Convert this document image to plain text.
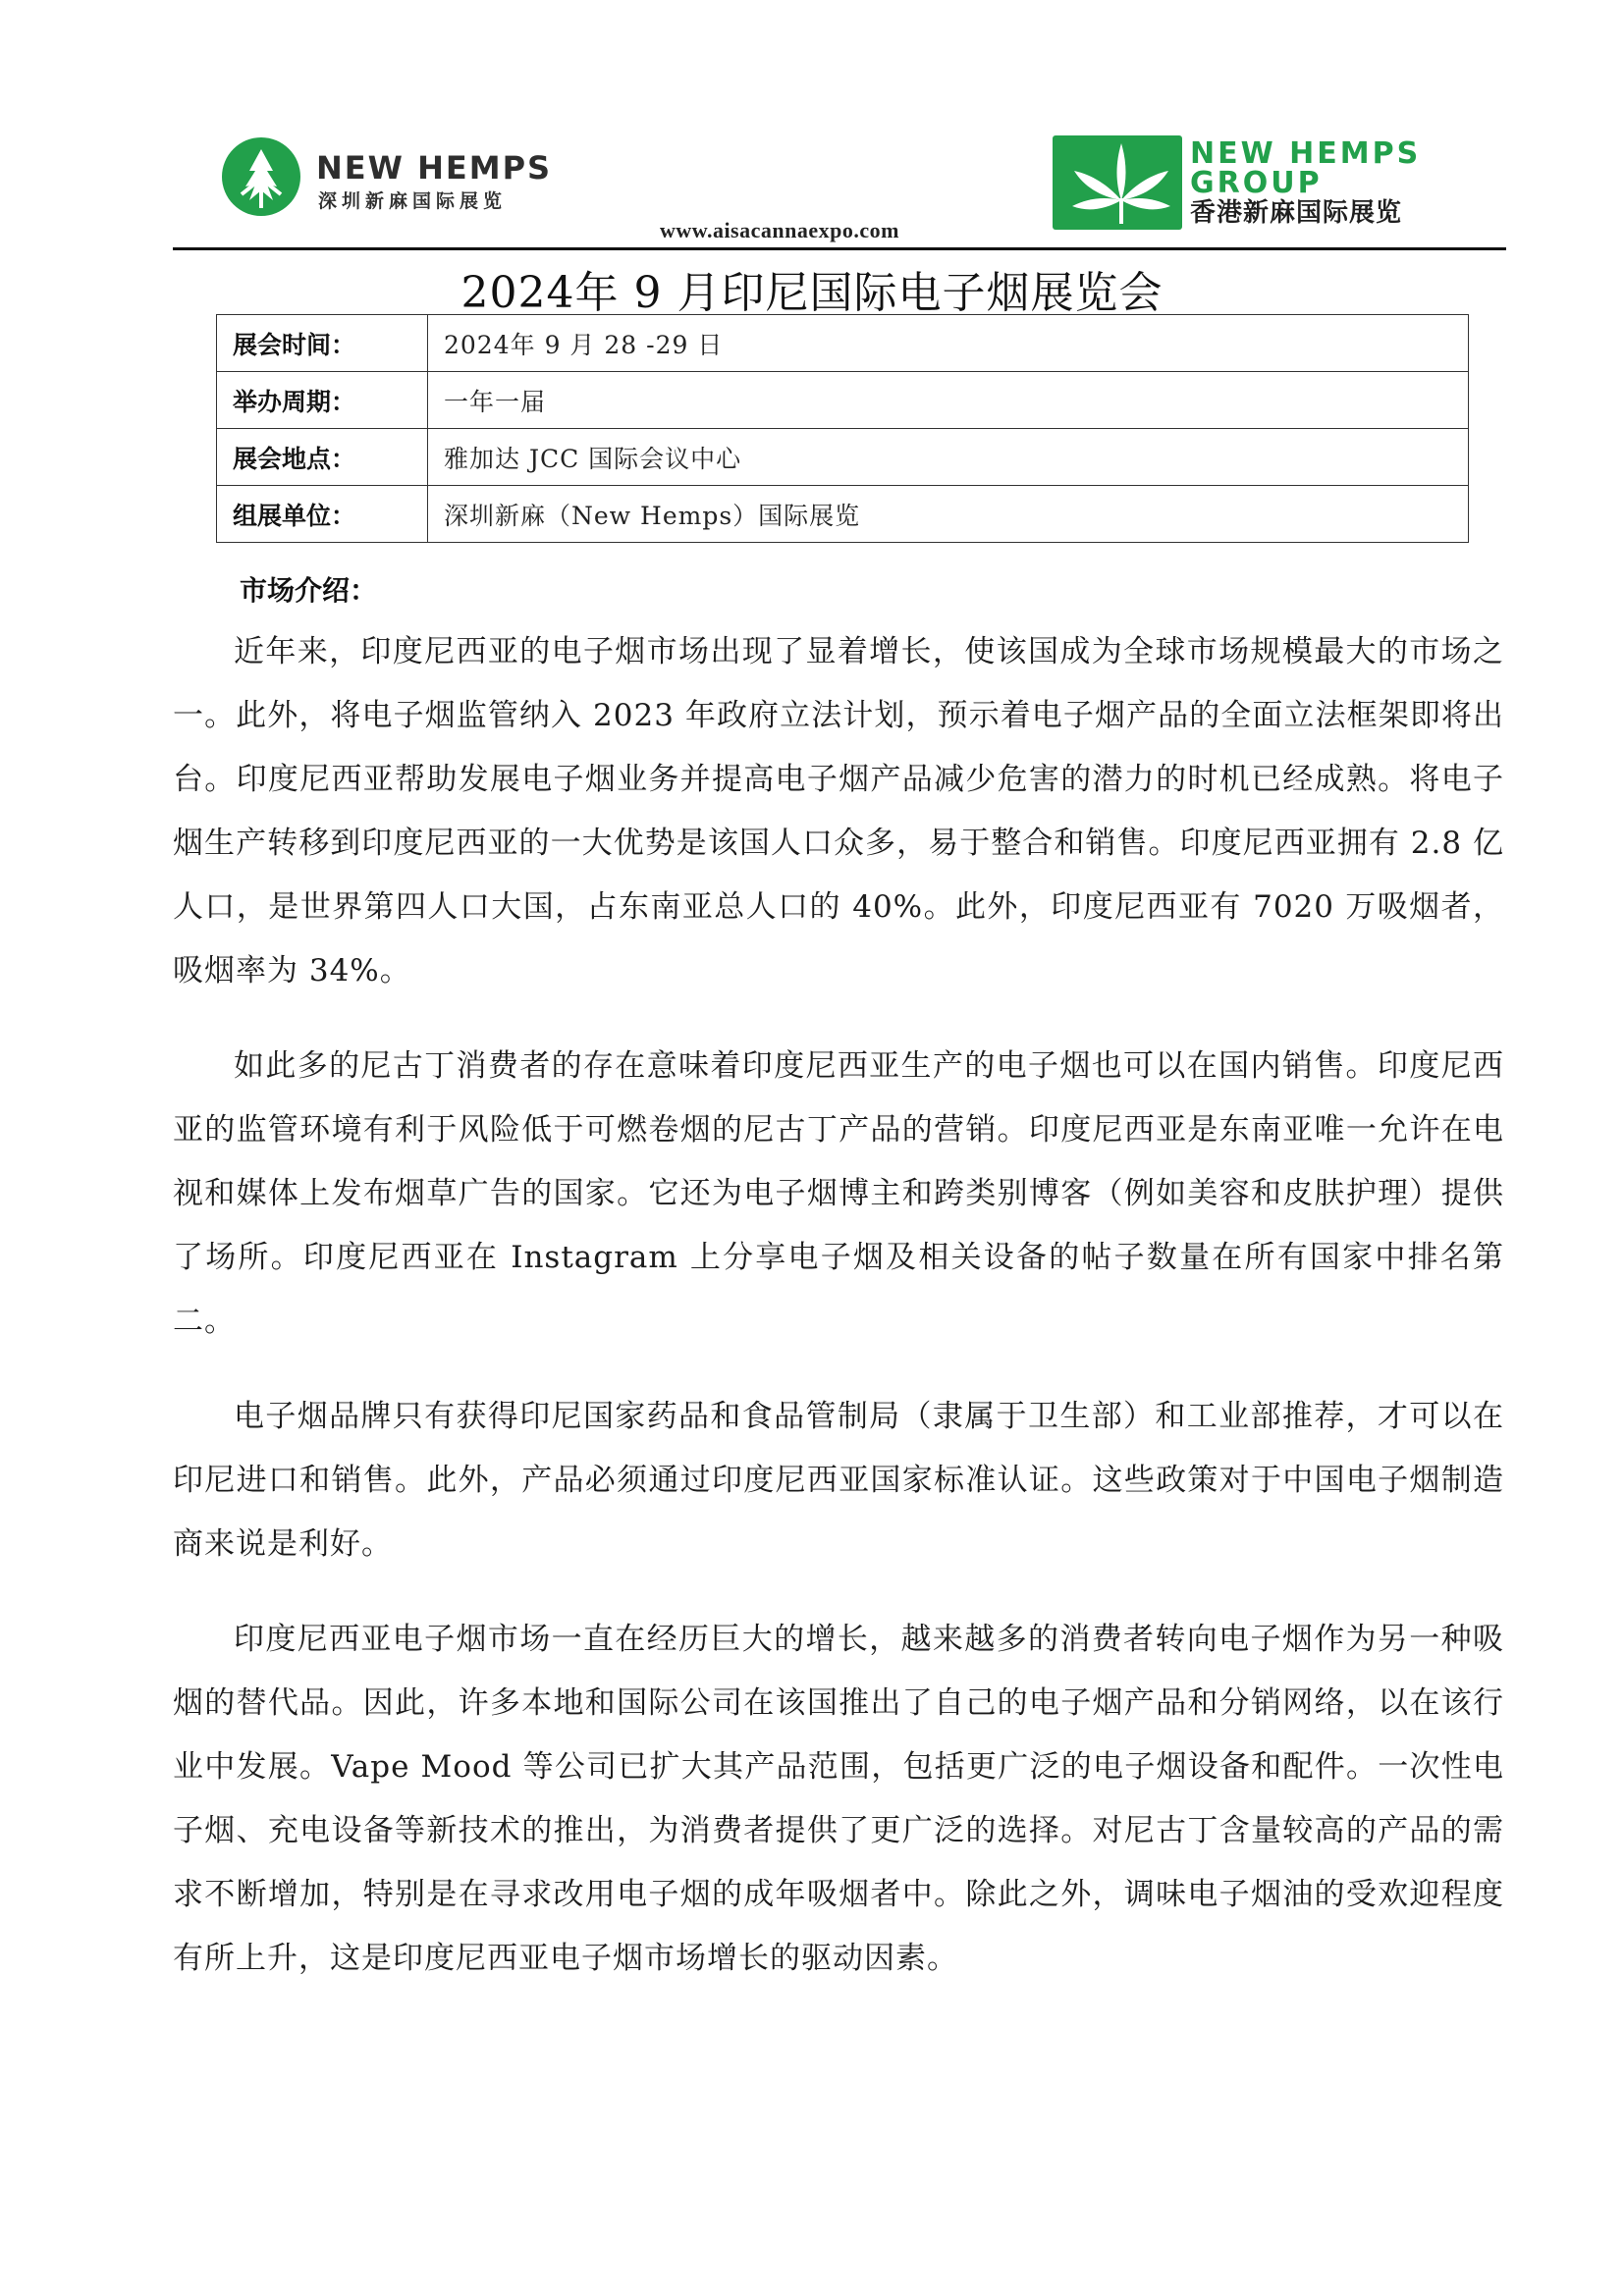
NEW HEMPS
深圳新麻国际展览
NEW HEMPS
GROUP
香港新麻国际展览
www.aisacannaexpo.com
2024年 9 月印尼国际电子烟展览会
展会时间：	2024年 9 月 28 -29 日
举办周期：	一年一届
展会地点：	雅加达 JCC 国际会议中心
组展单位：	深圳新麻（New Hemps）国际展览
市场介绍：

近年来，印度尼西亚的电子烟市场出现了显着增长，使该国成为全球市场规模最大的市场之一。此外，将电子烟监管纳入 2023 年政府立法计划，预示着电子烟产品的全面立法框架即将出台。印度尼西亚帮助发展电子烟业务并提高电子烟产品减少危害的潜力的时机已经成熟。将电子烟生产转移到印度尼西亚的一大优势是该国人口众多，易于整合和销售。印度尼西亚拥有 2.8 亿人口，是世界第四人口大国，占东南亚总人口的 40%。此外，印度尼西亚有 7020 万吸烟者，吸烟率为 34%。

如此多的尼古丁消费者的存在意味着印度尼西亚生产的电子烟也可以在国内销售。印度尼西亚的监管环境有利于风险低于可燃卷烟的尼古丁产品的营销。印度尼西亚是东南亚唯一允许在电视和媒体上发布烟草广告的国家。它还为电子烟博主和跨类别博客（例如美容和皮肤护理）提供了场所。印度尼西亚在 Instagram 上分享电子烟及相关设备的帖子数量在所有国家中排名第二。

电子烟品牌只有获得印尼国家药品和食品管制局（隶属于卫生部）和工业部推荐，才可以在印尼进口和销售。此外，产品必须通过印度尼西亚国家标准认证。这些政策对于中国电子烟制造商来说是利好。

印度尼西亚电子烟市场一直在经历巨大的增长，越来越多的消费者转向电子烟作为另一种吸烟的替代品。因此，许多本地和国际公司在该国推出了自己的电子烟产品和分销网络，以在该行业中发展。Vape Mood 等公司已扩大其产品范围，包括更广泛的电子烟设备和配件。一次性电子烟、充电设备等新技术的推出，为消费者提供了更广泛的选择。对尼古丁含量较高的产品的需求不断增加，特别是在寻求改用电子烟的成年吸烟者中。除此之外，调味电子烟油的受欢迎程度有所上升，这是印度尼西亚电子烟市场增长的驱动因素。
